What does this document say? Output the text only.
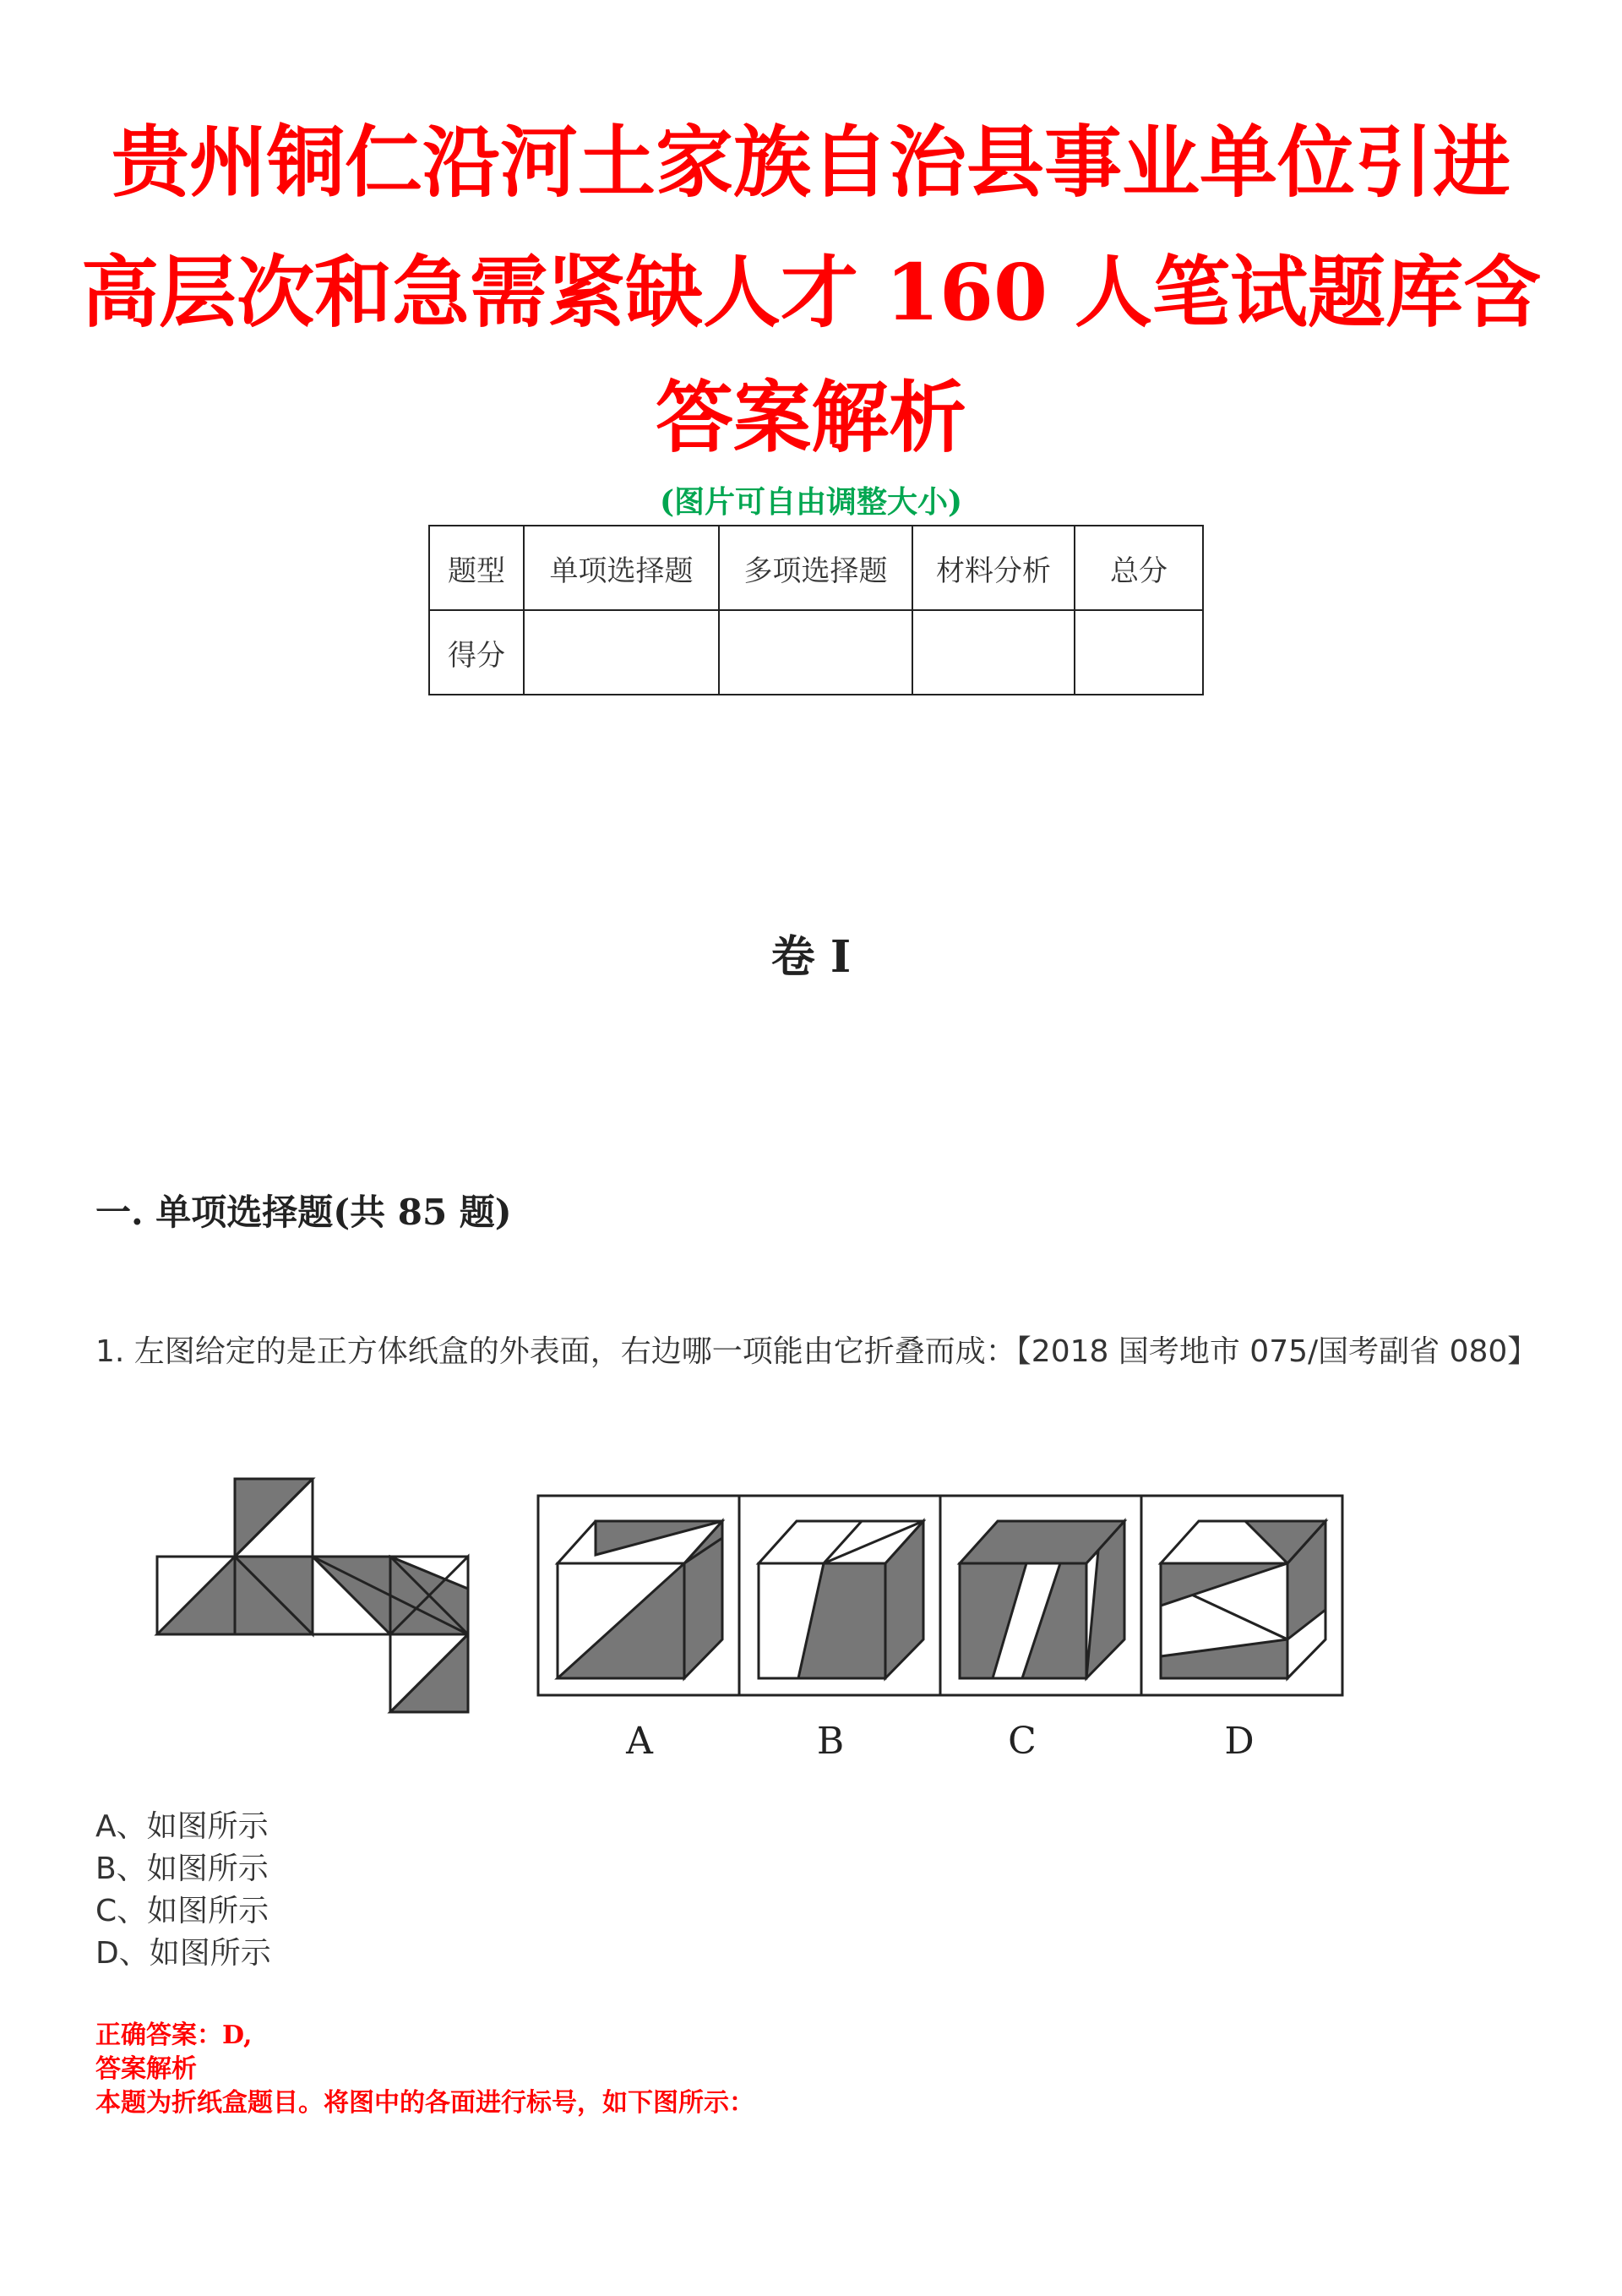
贵州铜仁沿河土家族自治县事业单位引进
高层次和急需紧缺人才 160 人笔试题库含
答案解析
(图片可自由调整大小)
题型	单项选择题	多项选择题	材料分析	总分
得分				
卷 I
一. 单项选择题(共 85 题)
1. 左图给定的是正方体纸盒的外表面，右边哪一项能由它折叠而成：【2018 国考地市 075/国考副省 080】
A	B	C	D
A、如图所示
B、如图所示
C、如图所示
D、如图所示
正确答案：D,
答案解析
本题为折纸盒题目。将图中的各面进行标号，如下图所示：
